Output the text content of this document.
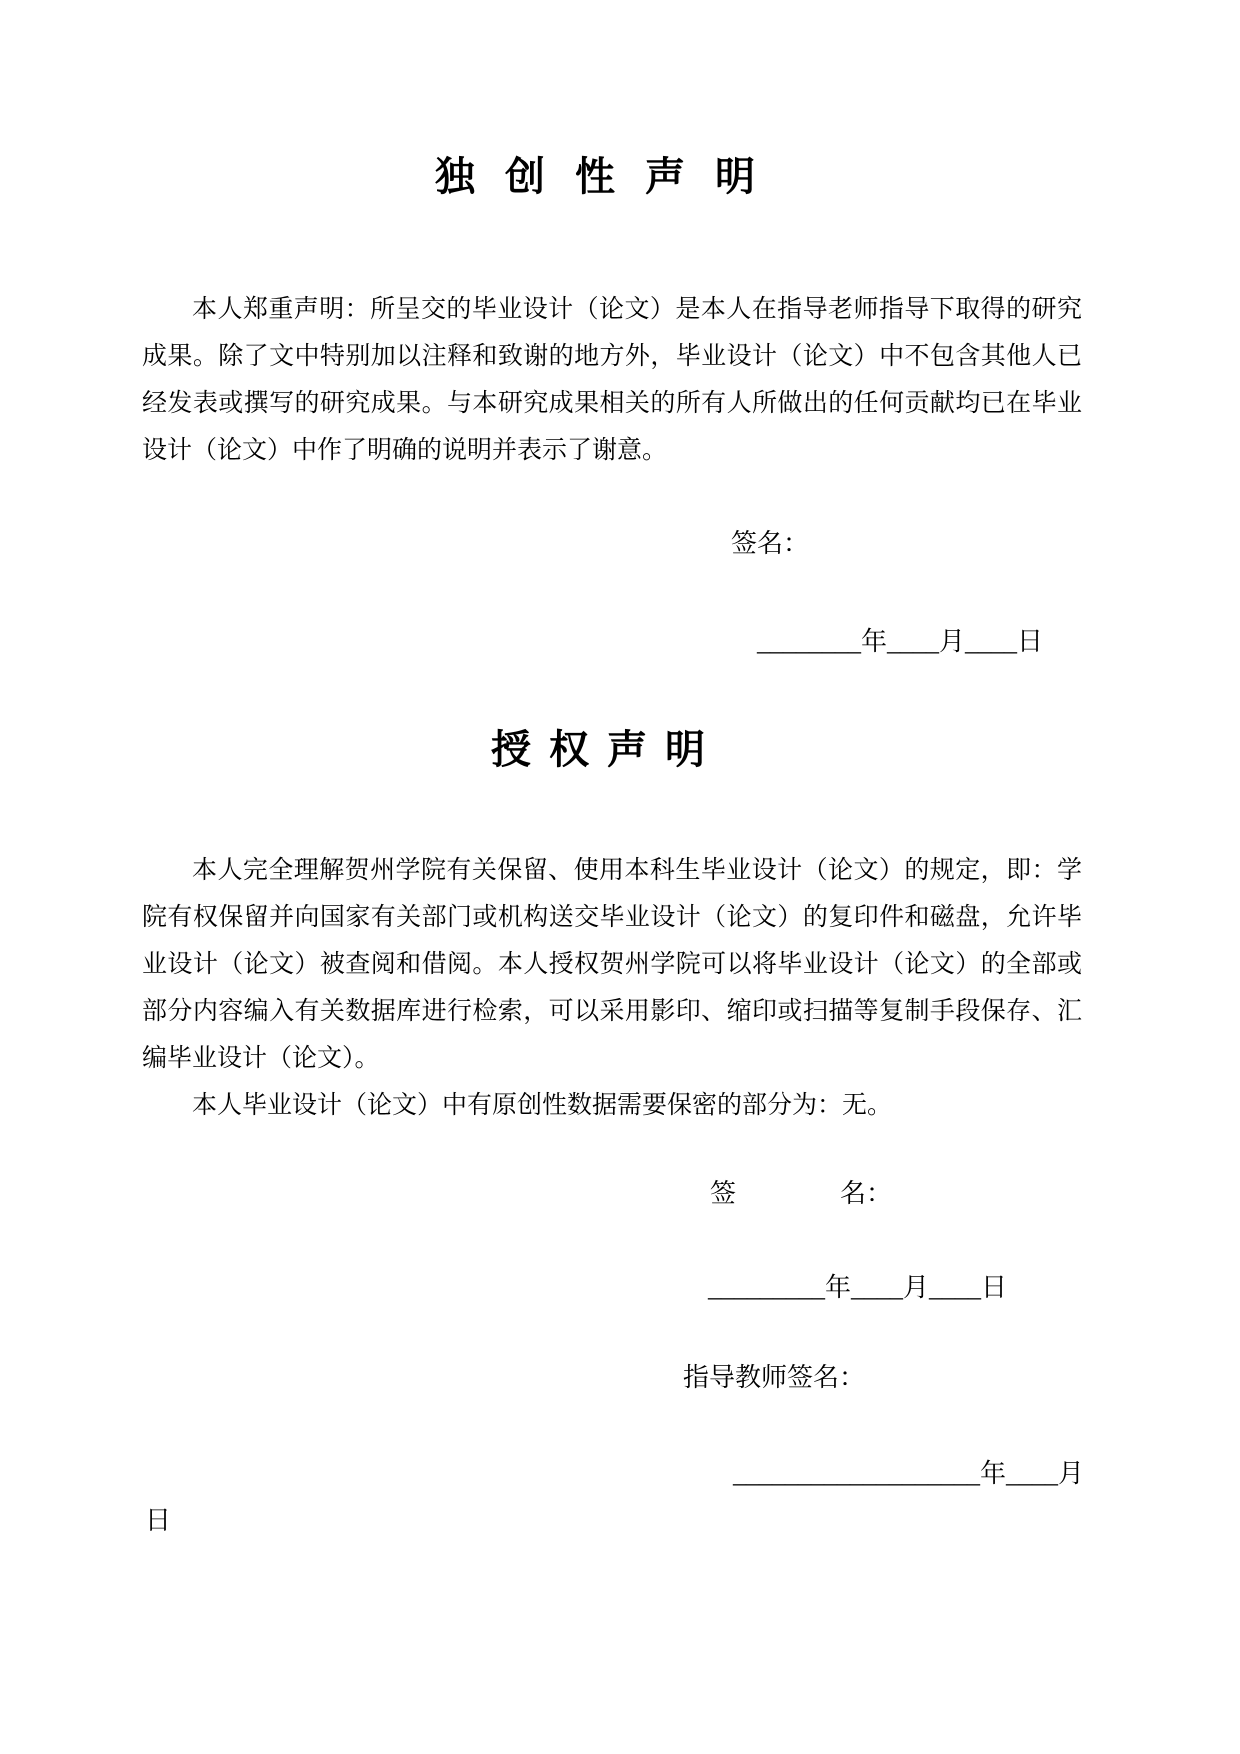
独 创 性 声 明
本人郑重声明：所呈交的毕业设计（论文）是本人在指导老师指导下取得的研究
成果。除了文中特别加以注释和致谢的地方外，毕业设计（论文）中不包含其他人已
经发表或撰写的研究成果。与本研究成果相关的所有人所做出的任何贡献均已在毕业
设计（论文）中作了明确的说明并表示了谢意。
签名：
________年____月____日
授 权 声 明
本人完全理解贺州学院有关保留、使用本科生毕业设计（论文）的规定，即：学
院有权保留并向国家有关部门或机构送交毕业设计（论文）的复印件和磁盘，允许毕
业设计（论文）被查阅和借阅。本人授权贺州学院可以将毕业设计（论文）的全部或
部分内容编入有关数据库进行检索，可以采用影印、缩印或扫描等复制手段保存、汇
编毕业设计（论文）。
本人毕业设计（论文）中有原创性数据需要保密的部分为：无。
签　　　　名：
_________年____月____日
指导教师签名：
___________________年____月
日
